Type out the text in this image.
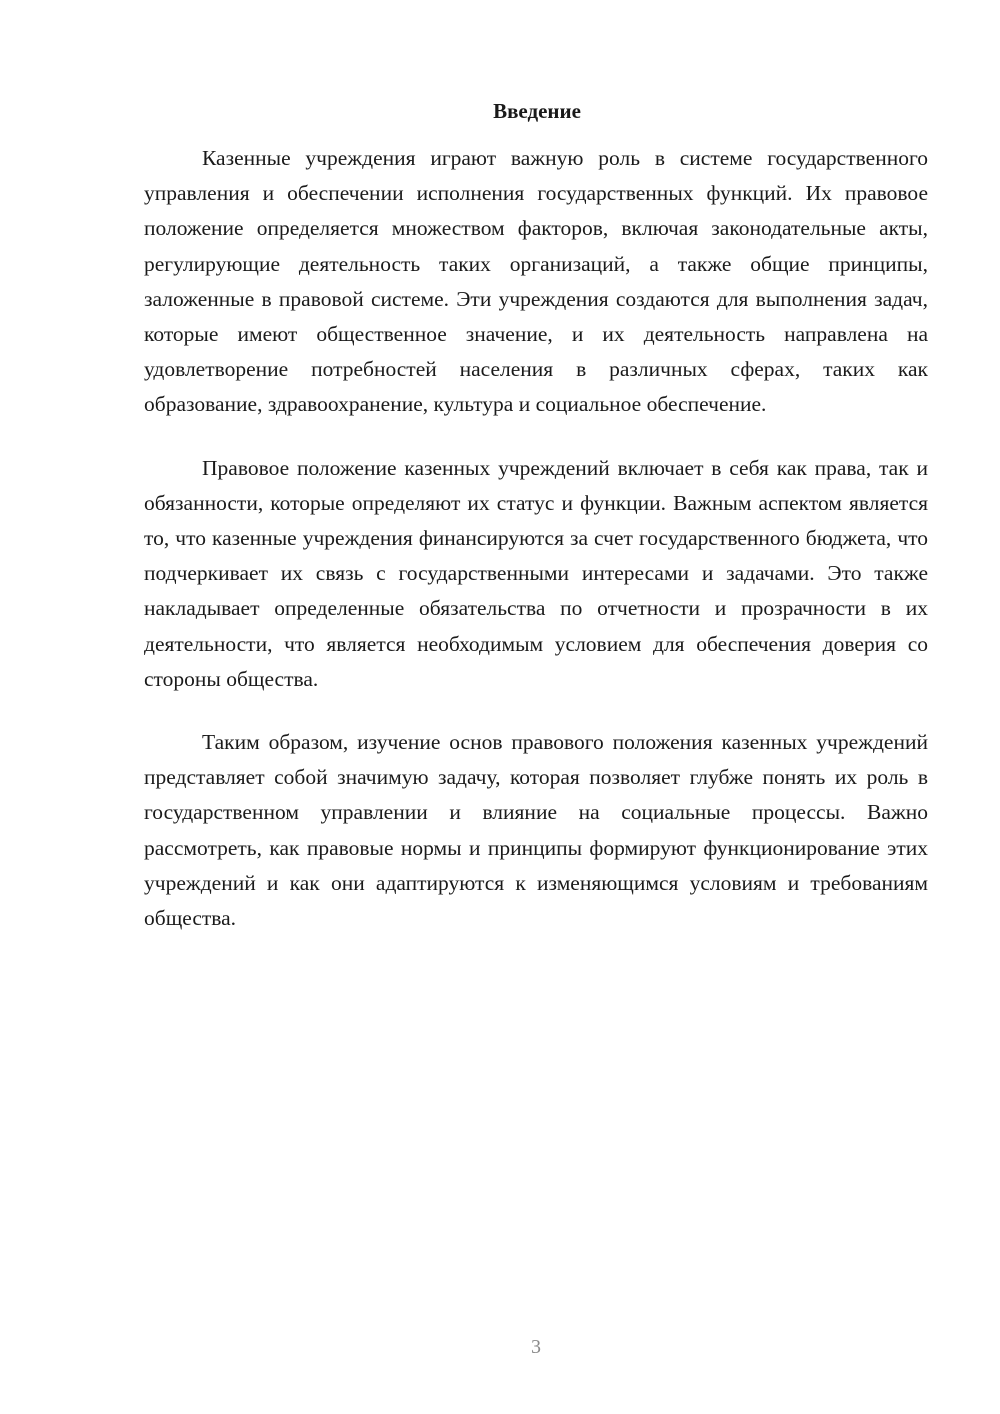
Введение

Казенные учреждения играют важную роль в системе государственного управления и обеспечении исполнения государственных функций. Их правовое положение определяется множеством факторов, включая законодательные акты, регулирующие деятельность таких организаций, а также общие принципы, заложенные в правовой системе. Эти учреждения создаются для выполнения задач, которые имеют общественное значение, и их деятельность направлена на удовлетворение потребностей населения в различных сферах, таких как образование, здравоохранение, культура и социальное обеспечение.

Правовое положение казенных учреждений включает в себя как права, так и обязанности, которые определяют их статус и функции. Важным аспектом является то, что казенные учреждения финансируются за счет государственного бюджета, что подчеркивает их связь с государственными интересами и задачами. Это также накладывает определенные обязательства по отчетности и прозрачности в их деятельности, что является необходимым условием для обеспечения доверия со стороны общества.

Таким образом, изучение основ правового положения казенных учреждений представляет собой значимую задачу, которая позволяет глубже понять их роль в государственном управлении и влияние на социальные процессы. Важно рассмотреть, как правовые нормы и принципы формируют функционирование этих учреждений и как они адаптируются к изменяющимся условиям и требованиям общества.

3
